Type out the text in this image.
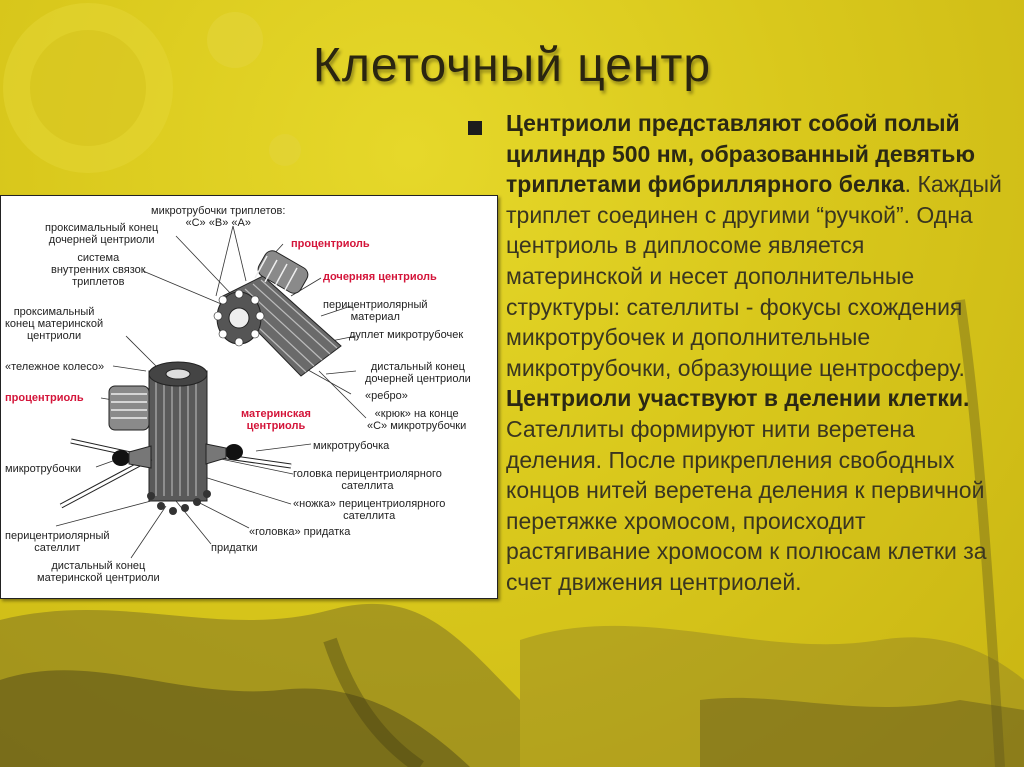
Клеточный центр
Центриоли представляют собой полый цилиндр 500 нм, образованный девятью триплетами фибриллярного белка. Каждый триплет соединен с другими “ручкой”. Одна центриоль в диплосоме является материнской и несет дополнительные структуры: сателлиты - фокусы схождения микротрубочек и дополнительные микротрубочки, образующие центросферу. Центриоли участвуют в делении клетки. Сателлиты формируют нити веретена деления. После прикрепления свободных концов нитей веретена деления к первичной перетяжке хромосом, происходит растягивание хромосом к полюсам клетки за счет движения центриолей.
микротрубочки триплетов:
«С» «В» «А»
проксимальный конец
дочерней центриоли
система
внутренних связок
триплетов
процентриоль
дочерняя центриоль
перицентриолярный
материал
проксимальный
конец материнской
центриоли	дуплет микротрубочек
«тележное колесо»	дистальный конец
дочерней центриоли
«ребро»
процентриоль
«крюк» на конце
«С» микротрубочки
материнская
центриоль
микротрубочка
микротрубочки	головка перицентриолярного
сателлита
«ножка» перицентриолярного
сателлита
перицентриолярный
сателлит
«головка» придатка
придатки
дистальный конец
материнской центриоли
